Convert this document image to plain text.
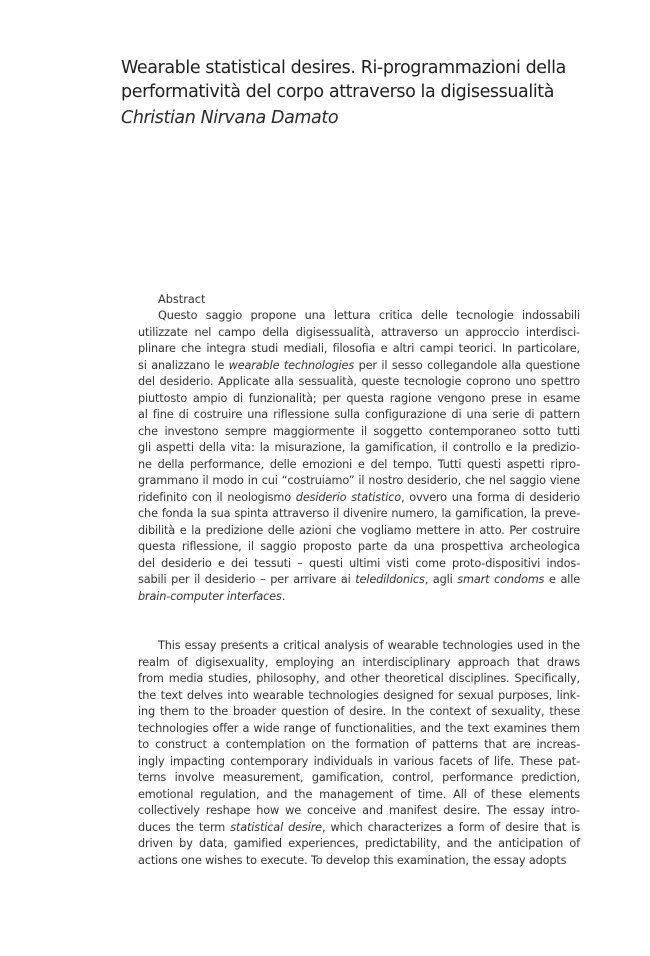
Wearable statistical desires. Ri-programmazioni della
performatività del corpo attraverso la digisessualità

Christian Nirvana Damato

Abstract
Questo saggio propone una lettura critica delle tecnologie indossabili
utilizzate nel campo della digisessualità, attraverso un approccio interdisci-
plinare che integra studi mediali, filosofia e altri campi teorici. In particolare,
si analizzano le wearable technologies per il sesso collegandole alla questione
del desiderio. Applicate alla sessualità, queste tecnologie coprono uno spettro
piuttosto ampio di funzionalità; per questa ragione vengono prese in esame
al fine di costruire una riflessione sulla configurazione di una serie di pattern
che investono sempre maggiormente il soggetto contemporaneo sotto tutti
gli aspetti della vita: la misurazione, la gamification, il controllo e la predizio-
ne della performance, delle emozioni e del tempo. Tutti questi aspetti ripro-
grammano il modo in cui “costruiamo” il nostro desiderio, che nel saggio viene
ridefinito con il neologismo desiderio statistico, ovvero una forma di desiderio
che fonda la sua spinta attraverso il divenire numero, la gamification, la preve-
dibilità e la predizione delle azioni che vogliamo mettere in atto. Per costruire
questa riflessione, il saggio proposto parte da una prospettiva archeologica
del desiderio e dei tessuti – questi ultimi visti come proto-dispositivi indos-
sabili per il desiderio – per arrivare ai teledildonics, agli smart condoms e alle
brain-computer interfaces.
This essay presents a critical analysis of wearable technologies used in the
realm of digisexuality, employing an interdisciplinary approach that draws
from media studies, philosophy, and other theoretical disciplines. Specifically,
the text delves into wearable technologies designed for sexual purposes, link-
ing them to the broader question of desire. In the context of sexuality, these
technologies offer a wide range of functionalities, and the text examines them
to construct a contemplation on the formation of patterns that are increas-
ingly impacting contemporary individuals in various facets of life. These pat-
terns involve measurement, gamification, control, performance prediction,
emotional regulation, and the management of time. All of these elements
collectively reshape how we conceive and manifest desire. The essay intro-
duces the term statistical desire, which characterizes a form of desire that is
driven by data, gamified experiences, predictability, and the anticipation of
actions one wishes to execute. To develop this examination, the essay adopts
